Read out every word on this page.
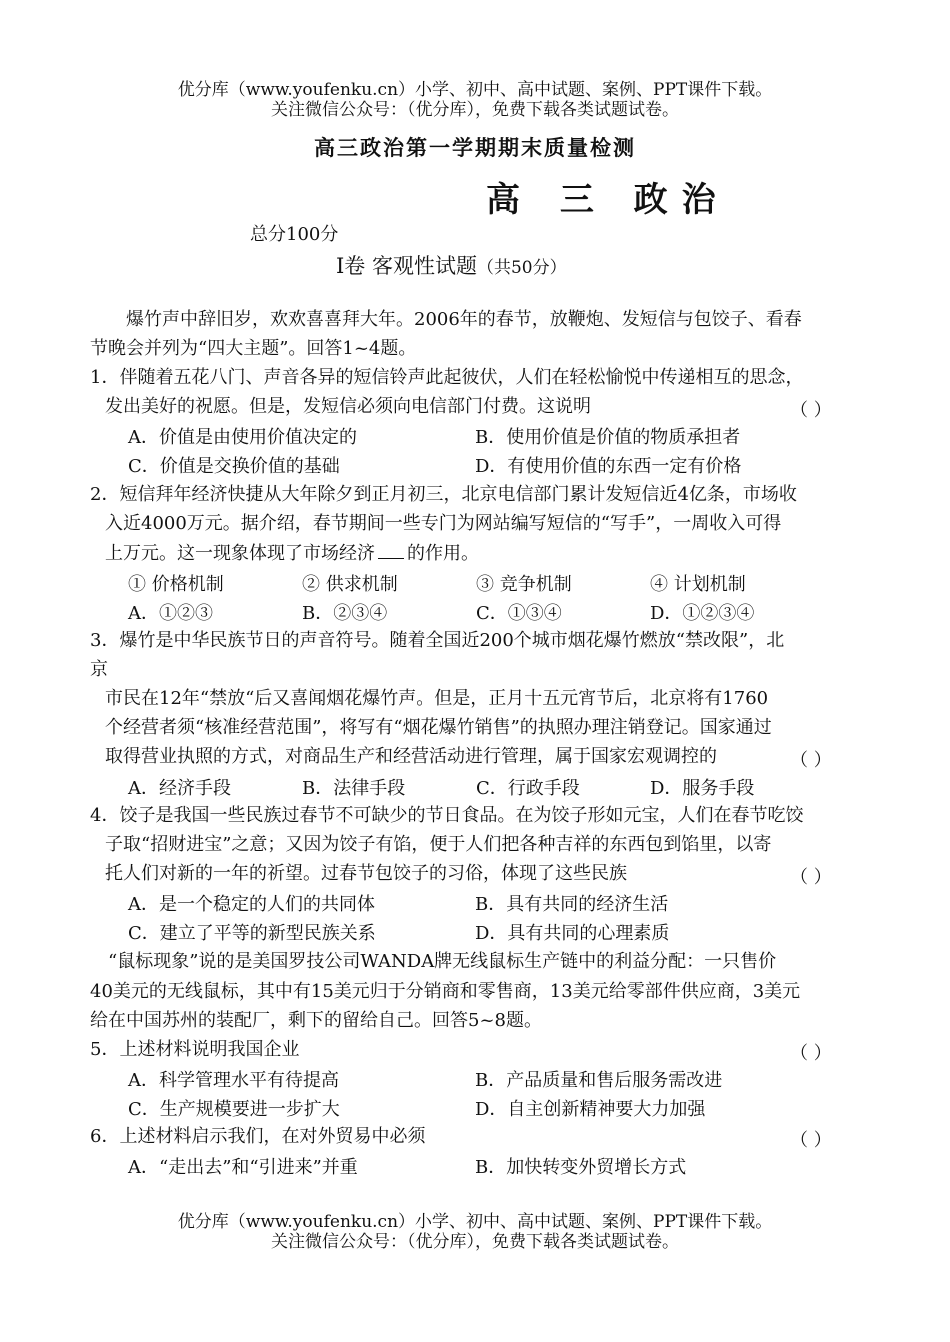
优分库（www.youfenku.cn）小学、初中、高中试题、案例、PPT课件下载。
关注微信公众号：（优分库），免费下载各类试题试卷。
高三政治第一学期期末质量检测
高 三 政治
总分100分
Ⅰ卷 客观性试题（共50分）
爆竹声中辞旧岁，欢欢喜喜拜大年。2006年的春节，放鞭炮、发短信与包饺子、看春
节晚会并列为“四大主题”。回答1~4题。
1．伴随着五花八门、声音各异的短信铃声此起彼伏，人们在轻松愉悦中传递相互的思念，
发出美好的祝愿。但是，发短信必须向电信部门付费。这说明	（ ）
A．价值是由使用价值决定的	B．使用价值是价值的物质承担者
C．价值是交换价值的基础	D．有使用价值的东西一定有价格
2．短信拜年经济快捷从大年除夕到正月初三，北京电信部门累计发短信近4亿条，市场收
入近4000万元。据介绍，春节期间一些专门为网站编写短信的“写手”，一周收入可得
上万元。这一现象体现了市场经济 的作用。
① 价格机制	② 供求机制	③ 竞争机制	④ 计划机制
A．①②③	B．②③④	C．①③④	D．①②③④
3．爆竹是中华民族节日的声音符号。随着全国近200个城市烟花爆竹燃放“禁改限”，北
京
市民在12年“禁放“后又喜闻烟花爆竹声。但是，正月十五元宵节后，北京将有1760
个经营者须“核准经营范围”，将写有“烟花爆竹销售”的执照办理注销登记。国家通过
取得营业执照的方式，对商品生产和经营活动进行管理，属于国家宏观调控的	（ ）
A．经济手段	B．法律手段	C．行政手段	D．服务手段
4．饺子是我国一些民族过春节不可缺少的节日食品。在为饺子形如元宝，人们在春节吃饺
子取“招财进宝”之意；又因为饺子有馅，便于人们把各种吉祥的东西包到馅里，以寄
托人们对新的一年的祈望。过春节包饺子的习俗，体现了这些民族	（ ）
A．是一个稳定的人们的共同体	B．具有共同的经济生活
C．建立了平等的新型民族关系	D．具有共同的心理素质
“鼠标现象”说的是美国罗技公司WANDA牌无线鼠标生产链中的利益分配：一只售价
40美元的无线鼠标，其中有15美元归于分销商和零售商，13美元给零部件供应商，3美元
给在中国苏州的装配厂，剩下的留给自己。回答5~8题。
5．上述材料说明我国企业	（ ）
A．科学管理水平有待提高	B．产品质量和售后服务需改进
C．生产规模要进一步扩大	D．自主创新精神要大力加强
6．上述材料启示我们，在对外贸易中必须	（ ）
A．“走出去”和“引进来”并重	B．加快转变外贸增长方式
优分库（www.youfenku.cn）小学、初中、高中试题、案例、PPT课件下载。
关注微信公众号：（优分库），免费下载各类试题试卷。
